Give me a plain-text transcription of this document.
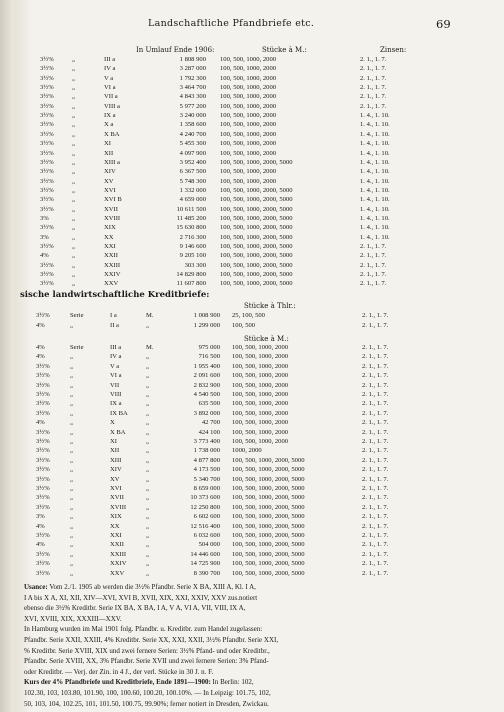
Landschaftliche Pfandbriefe etc.	69
In Umlauf Ende 1906:	Stücke à M.:	Zinsen:
3½%	„	III a	1 808 900 100, 500, 1000, 2000	2. 1., 1. 7.
3½%	„	IV a	3 287 000 100, 500, 1000, 2000	2. 1., 1. 7.
3½%	„	V a	1 792 300 100, 500, 1000, 2000	2. 1., 1. 7.
3½%	„	VI a	3 464 700 100, 500, 1000, 2000	2. 1., 1. 7.
3½%	„	VII a	4 843 300 100, 500, 1000, 2000	2. 1., 1. 7.
3½%	„	VIII a	5 977 200 100, 500, 1000, 2000	2. 1., 1. 7.
3½%	„	IX a	3 240 000 100, 500, 1000, 2000	1. 4., 1. 10.
3½%	„	X a	1 358 600 100, 500, 1000, 2000	1. 4., 1. 10.
3½%	„	X BA	4 240 700 100, 500, 1000, 2000	1. 4., 1. 10.
3½%	„	XI	5 455 300 100, 500, 1000, 2000	1. 4., 1. 10.
3½%	„	XII	4 097 900 100, 500, 1000, 2000	1. 4., 1. 10.
3½%	„	XIII a	3 952 400 100, 500, 1000, 2000, 5000	1. 4., 1. 10.
3½%	„	XIV	6 367 500 100, 500, 1000, 2000	1. 4., 1. 10.
3½%	„	XV	5 748 300 100, 500, 1000, 2000	1. 4., 1. 10.
3½%	„	XVI	1 332 000 100, 500, 1000, 2000, 5000	1. 4., 1. 10.
3½%	„	XVI B	4 659 000 100, 500, 1000, 2000, 5000	1. 4., 1. 10.
3½%	„	XVII	10 611 500 100, 500, 1000, 2000, 5000	1. 4., 1. 10.
3%	„	XVIII	11 485 200 100, 500, 1000, 2000, 5000	1. 4., 1. 10.
3½%	„	XIX	15 630 800 100, 500, 1000, 2000, 5000	1. 4., 1. 10.
3%	„	XX	2 716 300 100, 500, 1000, 2000, 5000	1. 4., 1. 10.
3½%	„	XXI	9 146 600 100, 500, 1000, 2000, 5000	2. 1., 1. 7.
4%	„	XXII	9 205 100 100, 500, 1000, 2000, 5000	2. 1., 1. 7.
3½%	„	XXIII	303 300 100, 500, 1000, 2000, 5000	2. 1., 1. 7.
3½%	„	XXIV	14 829 800 100, 500, 1000, 2000, 5000	2. 1., 1. 7.
3½%	„	XXV	11 607 800 100, 500, 1000, 2000, 5000	2. 1., 1. 7.
sische landwirtschaftliche Kreditbriefe:
Stücke à Thlr.:
3½%	Serie	I a	M.	1 008 900 25, 100, 500	2. 1., 1. 7.
4%	„	II a	„	1 299 000 100, 500	2. 1., 1. 7.
Stücke à M.:
4%	Serie	III a	M.	975 000 100, 500, 1000, 2000	2. 1., 1. 7.
4%	„	IV a	„	716 500 100, 500, 1000, 2000	2. 1., 1. 7.
3½%	„	V a	„	1 955 400 100, 500, 1000, 2000	2. 1., 1. 7.
3½%	„	VI a	„	2 091 600 100, 500, 1000, 2000	2. 1., 1. 7.
3½%	„	VII	„	2 832 900 100, 500, 1000, 2000	2. 1., 1. 7.
3½%	„	VIII	„	4 540 500 100, 500, 1000, 2000	2. 1., 1. 7.
3½%	„	IX a	„	635 500 100, 500, 1000, 2000	2. 1., 1. 7.
3½%	„	IX BA	„	3 892 000 100, 500, 1000, 2000	2. 1., 1. 7.
4%	„	X	„	42 700 100, 500, 1000, 2000	2. 1., 1. 7.
3½%	„	X BA	„	424 100 100, 500, 1000, 2000	2. 1., 1. 7.
3½%	„	XI	„	3 773 400 100, 500, 1000, 2000	2. 1., 1. 7.
3½%	„	XII	„	1 738 000 1000, 2000	2. 1., 1. 7.
3½%	„	XIII	„	4 877 800 100, 500, 1000, 2000, 5000	2. 1., 1. 7.
3½%	„	XIV	„	4 173 500 100, 500, 1000, 2000, 5000	2. 1., 1. 7.
3½%	„	XV	„	5 340 700 100, 500, 1000, 2000, 5000	2. 1., 1. 7.
3½%	„	XVI	„	8 659 000 100, 500, 1000, 2000, 5000	2. 1., 1. 7.
3½%	„	XVII	„	10 373 600 100, 500, 1000, 2000, 5000	2. 1., 1. 7.
3½%	„	XVIII	„	12 250 800 100, 500, 1000, 2000, 5000	2. 1., 1. 7.
3%	„	XIX	„	6 602 600 100, 500, 1000, 2000, 5000	2. 1., 1. 7.
4%	„	XX	„	12 516 400 100, 500, 1000, 2000, 5000	2. 1., 1. 7.
3½%	„	XXI	„	6 032 600 100, 500, 1000, 2000, 5000	2. 1., 1. 7.
4%	„	XXII	„	504 000 100, 500, 1000, 2000, 5000	2. 1., 1. 7.
3½%	„	XXIII	„	14 446 600 100, 500, 1000, 2000, 5000	2. 1., 1. 7.
3½%	„	XXIV	„	14 725 900 100, 500, 1000, 2000, 5000	2. 1., 1. 7.
3½%	„	XXV	„	8 390 700 100, 500, 1000, 2000, 5000	2. 1., 1. 7.

Usance: Vom 2./1. 1905 ab werden die 3½% Pfandbr. Serie X BA, XIII A, Kl. I A,

I A bis X A, XI, XII, XIV—XVI, XVI B, XVII, XIX, XXI, XXIV, XXV zus.notiert

ebenso die 3½% Kreditbr. Serie IX BA, X BA, I A, V A, VI A, VII, VIII, IX A,

XVI, XVIII, XIX, XXXIII—XXV.

In Hamburg wurden im Mai 1901 folg. Pfandbr. u. Kreditbr. zum Handel zugelassen:

Pfandbr. Serie XXII, XXIII, 4% Kreditbr. Serie XX, XXI, XXII, 3½% Pfandbr. Serie XXI,

% Kreditbr. Serie XVIII, XIX und zwei fernere Serien: 3½% Pfand- und oder Kreditbr.,

Pfandbr. Serie XVIII, XX, 3% Pfandbr. Serie XVII und zwei fernere Serien: 3% Pfand-

oder Kreditbr. — Verj. der Zin. in 4 J., der verl. Stücke in 30 J. n. F.

Kurs der 4% Pfandbriefe und Kreditbriefe, Ende 1891—1900: In Berlin: 102,

102.30, 103, 103.80, 101.90, 100, 100.60, 100.20, 100.10%. — In Leipzig: 101.75, 102,

50, 103, 104, 102.25, 101, 101.50, 100.75, 99.90%; ferner notiert in Dresden, Zwickau.
